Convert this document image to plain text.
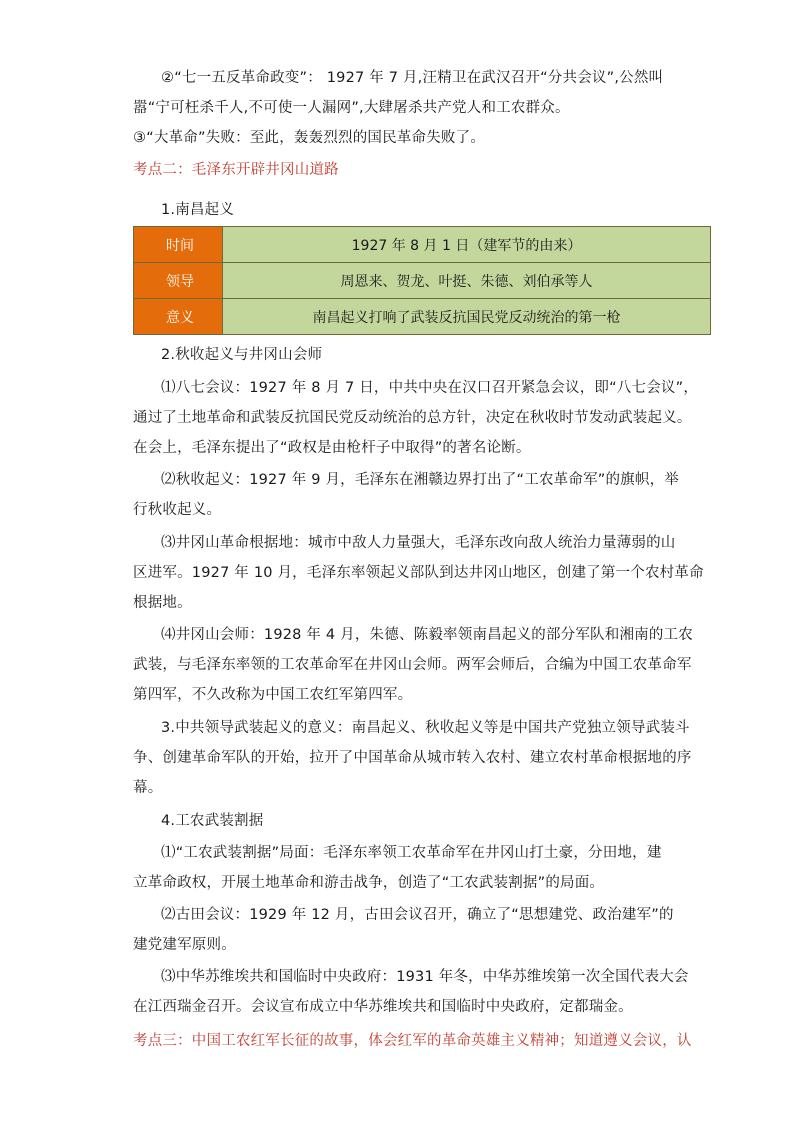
②“七一五反革命政变”： 1927 年 7 月,汪精卫在武汉召开“分共会议”,公然叫
嚣“宁可枉杀千人,不可使一人漏网”,大肆屠杀共产党人和工农群众。
③“大革命”失败：至此，轰轰烈烈的国民革命失败了。
考点二：毛泽东开辟井冈山道路
1.南昌起义
时间	1927 年 8 月 1 日（建军节的由来）
领导	周恩来、贺龙、叶挺、朱德、刘伯承等人
意义	南昌起义打响了武装反抗国民党反动统治的第一枪
2.秋收起义与井冈山会师
⑴八七会议：1927 年 8 月 7 日，中共中央在汉口召开紧急会议，即“八七会议”，
通过了土地革命和武装反抗国民党反动统治的总方针，决定在秋收时节发动武装起义。
在会上，毛泽东提出了“政权是由枪杆子中取得”的著名论断。
⑵秋收起义：1927 年 9 月，毛泽东在湘赣边界打出了“工农革命军”的旗帜，举
行秋收起义。
⑶井冈山革命根据地：城市中敌人力量强大，毛泽东改向敌人统治力量薄弱的山
区进军。1927 年 10 月，毛泽东率领起义部队到达井冈山地区，创建了第一个农村革命
根据地。
⑷井冈山会师：1928 年 4 月，朱德、陈毅率领南昌起义的部分军队和湘南的工农
武装，与毛泽东率领的工农革命军在井冈山会师。两军会师后，合编为中国工农革命军
第四军，不久改称为中国工农红军第四军。
3.中共领导武装起义的意义：南昌起义、秋收起义等是中国共产党独立领导武装斗
争、创建革命军队的开始，拉开了中国革命从城市转入农村、建立农村革命根据地的序
幕。
4.工农武装割据
⑴“工农武装割据”局面：毛泽东率领工农革命军在井冈山打土豪，分田地，建
立革命政权，开展土地革命和游击战争，创造了“工农武装割据”的局面。
⑵古田会议：1929 年 12 月，古田会议召开，确立了“思想建党、政治建军”的
建党建军原则。
⑶中华苏维埃共和国临时中央政府：1931 年冬，中华苏维埃第一次全国代表大会
在江西瑞金召开。会议宣布成立中华苏维埃共和国临时中央政府，定都瑞金。
考点三：中国工农红军长征的故事，体会红军的革命英雄主义精神；知道遵义会议，认
